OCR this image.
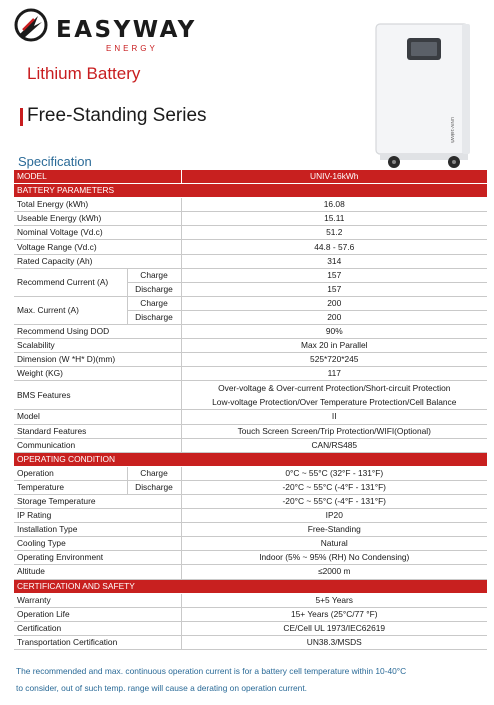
EASYWAY
ENERGY
Lithium Battery
Free-Standing Series
UNIV-16kWh
Specification
MODEL		UNIV-16kWh
BATTERY PARAMETERS		
Total Energy (kWh)		16.08
Useable Energy (kWh)		15.11
Nominal Voltage (Vd.c)		51.2
Voltage Range (Vd.c)		44.8 - 57.6
Rated Capacity (Ah)		314
Recommend Current (A)	Charge	157
	Discharge	157
Max. Current (A)	Charge	200
	Discharge	200
Recommend Using DOD		90%
Scalability		Max 20 in Parallel
Dimension (W *H* D)(mm)		525*720*245
Weight (KG)		117
BMS Features		Over-voltage & Over-current Protection/Short-circuit Protection
Low-voltage Protection/Over Temperature Protection/Cell Balance

Model		II
Standard Features		Touch Screen Screen/Trip Protection/WIFI(Optional)
Communication		CAN/RS485
OPERATING CONDITION		
Operation	Charge	0°C ~ 55°C (32°F - 131°F)
Temperature	Discharge	-20°C ~ 55°C (-4°F - 131°F)
Storage Temperature		-20°C ~ 55°C (-4°F - 131°F)
IP Rating		IP20
Installation Type		Free-Standing
Cooling Type		Natural
Operating Environment		Indoor (5% ~ 95% (RH) No Condensing)
Altitude		≤2000 m
CERTIFICATION AND SAFETY		
Warranty		5+5 Years
Operation Life		15+ Years (25°C/77 °F)
Certification		CE/Cell UL 1973/IEC62619
Transportation Certification		UN38.3/MSDS
The recommended and max. continuous operation current is for a battery cell temperature within 10-40°C
to consider, out of such temp. range will cause a derating on operation current.
